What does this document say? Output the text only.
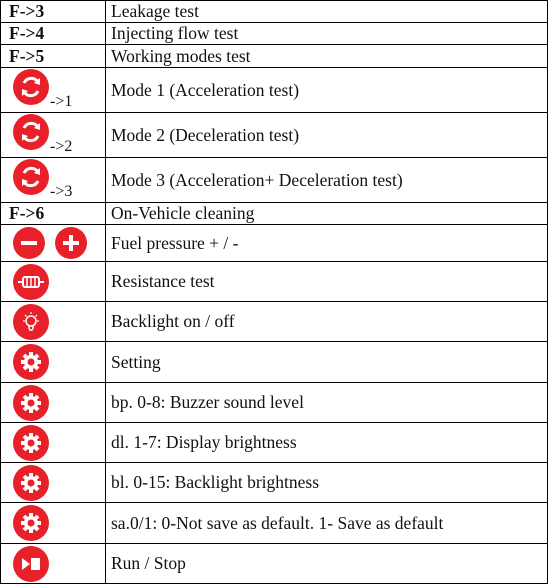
F->3	Leakage test
F->4	Injecting flow test
F->5	Working modes test

->1	Mode 1 (Acceleration test)

->2	Mode 2 (Deceleration test)

->3	Mode 3 (Acceleration+ Deceleration test)
F->6	On-Vehicle cleaning

	Fuel pressure + / -

	Resistance test

	Backlight on / off

	Setting

	bp. 0-8: Buzzer sound level

	dl. 1-7: Display brightness

	bl. 0-15: Backlight brightness

	sa.0/1: 0-Not save as default. 1- Save as default

	Run / Stop
